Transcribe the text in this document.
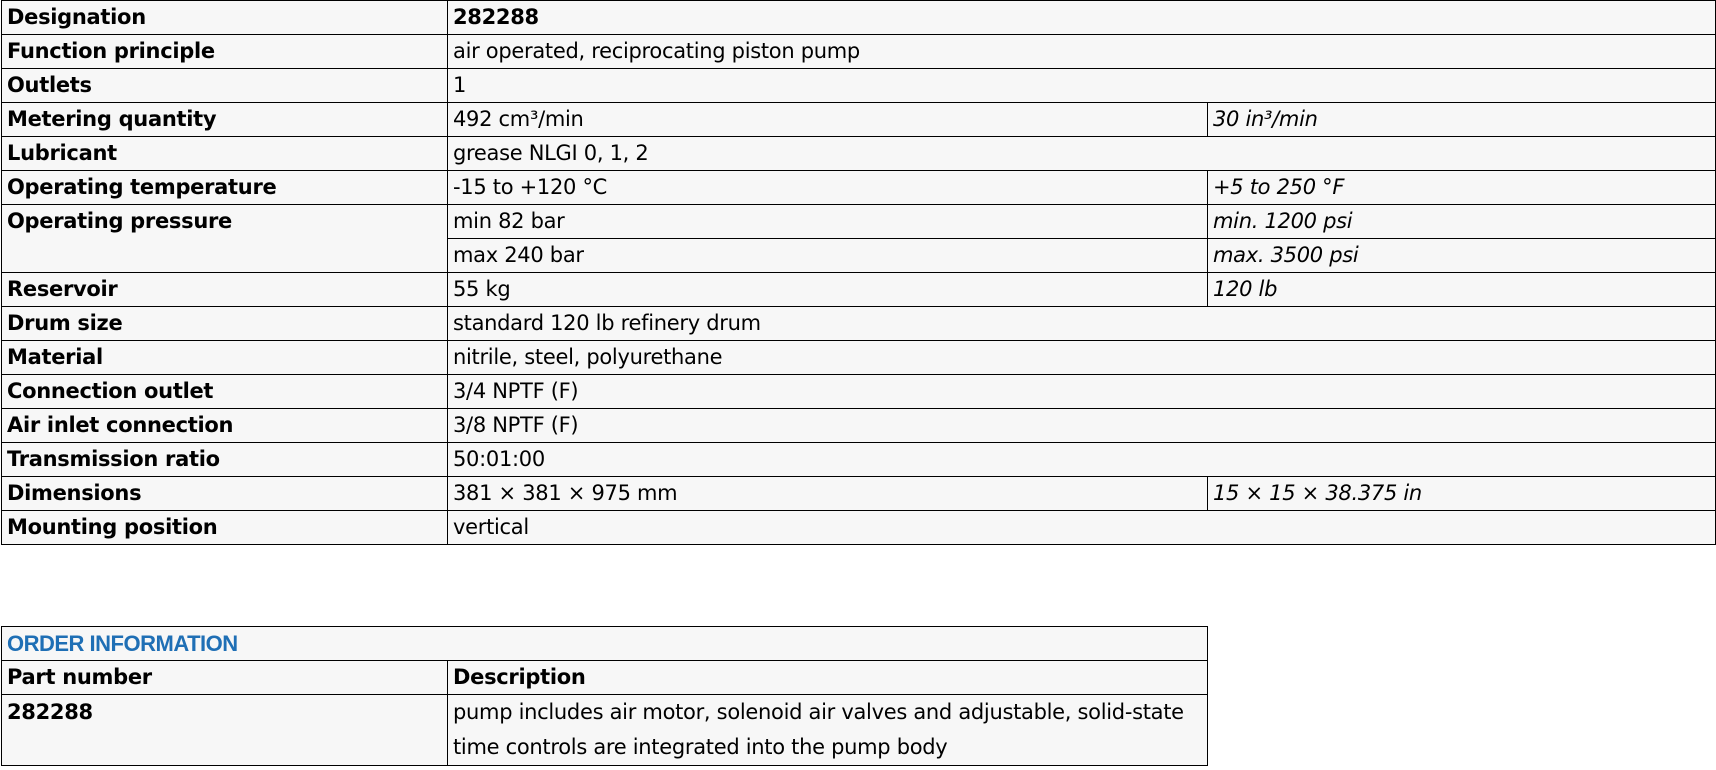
Designation	282288	
Function principle	air operated, reciprocating piston pump	
Outlets	1	
Metering quantity	492 cm³/min	30 in³/min
Lubricant	grease NLGI 0, 1, 2	
Operating temperature	-15 to +120 °C	+5 to 250 °F
Operating pressure	min 82 bar	min. 1200 psi
	max 240 bar	max. 3500 psi
Reservoir	55 kg	120 lb
Drum size	standard 120 lb refinery drum	
Material	nitrile, steel, polyurethane	
Connection outlet	3/4 NPTF (F)	
Air inlet connection	3/8 NPTF (F)	
Transmission ratio	50:01:00	
Dimensions	381 × 381 × 975 mm	15 × 15 × 38.375 in
Mounting position	vertical	
ORDER INFORMATION	
Part number	Description
282288	pump includes air motor, solenoid air valves and adjustable, solid-state time controls are integrated into the pump body
